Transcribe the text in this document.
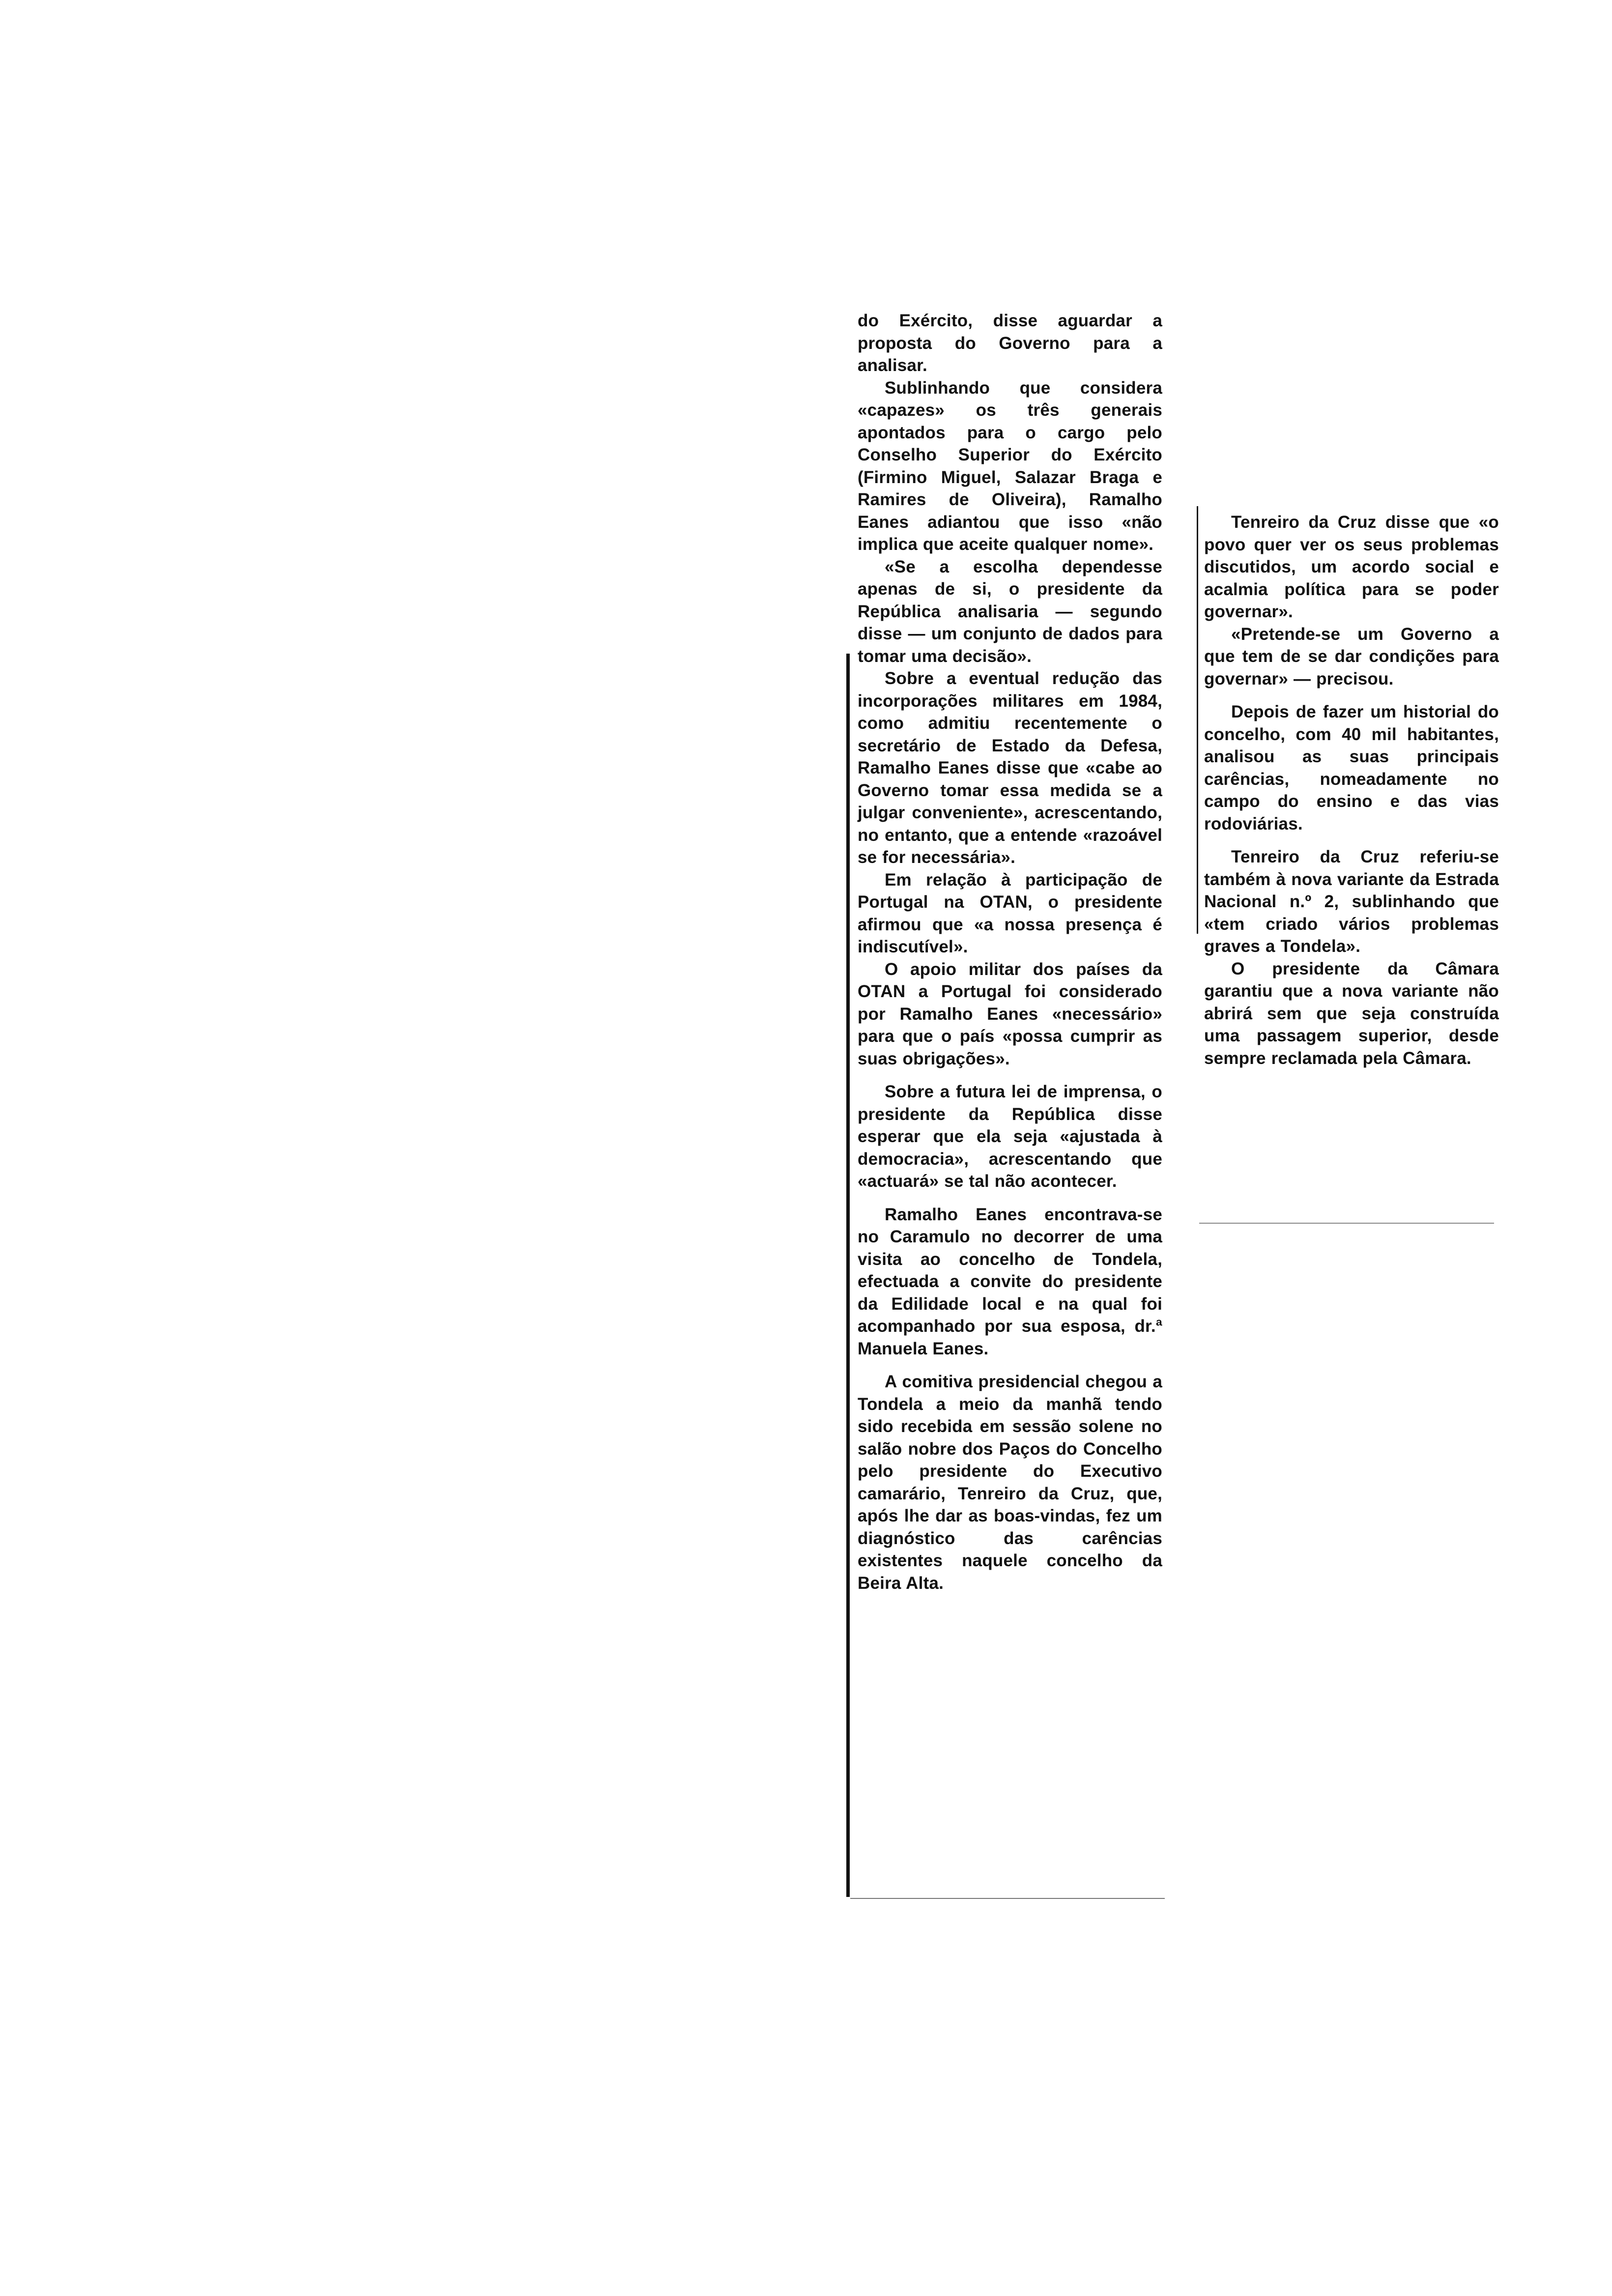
do Exército, disse aguardar a proposta do Governo para a analisar.

Sublinhando que considera «capazes» os três generais apontados para o cargo pelo Conselho Superior do Exército (Firmino Miguel, Salazar Braga e Ramires de Oliveira), Ramalho Eanes adiantou que isso «não implica que aceite qualquer nome».

«Se a escolha dependesse apenas de si, o presidente da República analisaria — segundo disse — um conjunto de dados para tomar uma decisão».

Sobre a eventual redução das incorporações militares em 1984, como admitiu recentemente o secretário de Estado da Defesa, Ramalho Eanes disse que «cabe ao Governo tomar essa medida se a julgar conveniente», acrescentando, no entanto, que a entende «razoável se for necessária».

Em relação à participação de Portugal na OTAN, o presidente afirmou que «a nossa presença é indiscutível».

O apoio militar dos países da OTAN a Portugal foi considerado por Ramalho Eanes «necessário» para que o país «possa cumprir as suas obrigações».

Sobre a futura lei de imprensa, o presidente da República disse esperar que ela seja «ajustada à democracia», acrescentando que «actuará» se tal não acontecer.

Ramalho Eanes encontrava-se no Caramulo no decorrer de uma visita ao concelho de Tondela, efectuada a convite do presidente da Edilidade local e na qual foi acompanhado por sua esposa, dr.ª Manuela Eanes.

A comitiva presidencial chegou a Tondela a meio da manhã tendo sido recebida em sessão solene no salão nobre dos Paços do Concelho pelo presidente do Executivo camarário, Tenreiro da Cruz, que, após lhe dar as boas-vindas, fez um diagnóstico das carências existentes naquele concelho da Beira Alta.

Tenreiro da Cruz disse que «o povo quer ver os seus problemas discutidos, um acordo social e acalmia política para se poder governar».

«Pretende-se um Governo a que tem de se dar condições para governar» — precisou.

Depois de fazer um historial do concelho, com 40 mil habitantes, analisou as suas principais carências, nomeadamente no campo do ensino e das vias rodoviárias.

Tenreiro da Cruz referiu-se também à nova variante da Estrada Nacional n.º 2, sublinhando que «tem criado vários problemas graves a Tondela».

O presidente da Câmara garantiu que a nova variante não abrirá sem que seja construída uma passagem superior, desde sempre reclamada pela Câmara.
